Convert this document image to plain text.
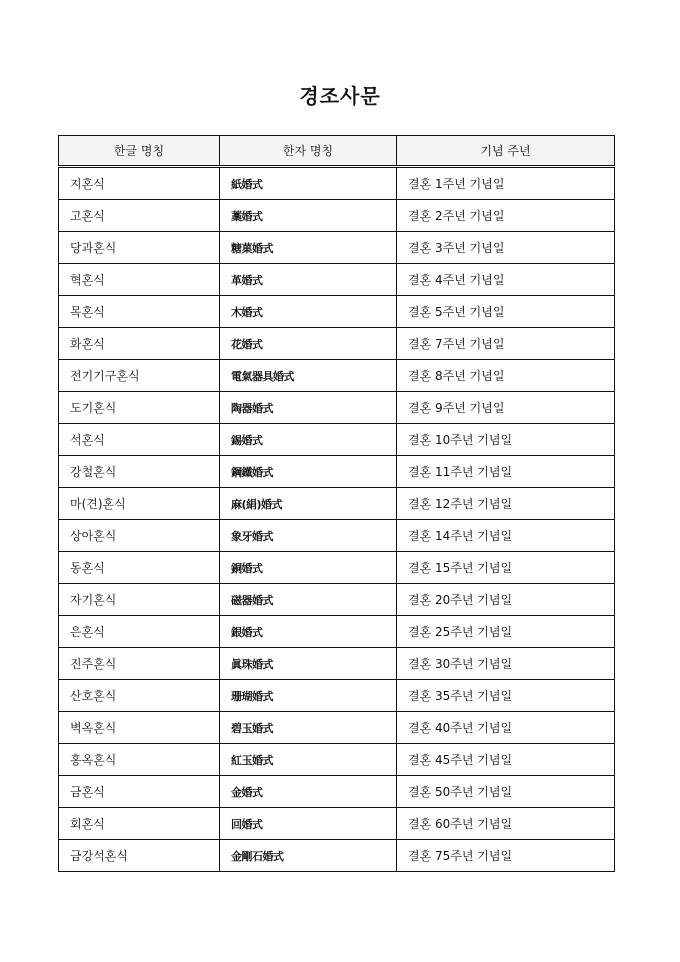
경조사문
한글 명칭	한자 명칭	기념 주년
지혼식	紙婚式	결혼 1주년 기념일
고혼식	藁婚式	결혼 2주년 기념일
당과혼식	糖菓婚式	결혼 3주년 기념일
혁혼식	革婚式	결혼 4주년 기념일
목혼식	木婚式	결혼 5주년 기념일
화혼식	花婚式	결혼 7주년 기념일
전기기구혼식	電氣器具婚式	결혼 8주년 기념일
도기혼식	陶器婚式	결혼 9주년 기념일
석혼식	錫婚式	결혼 10주년 기념일
강철혼식	鋼鐵婚式	결혼 11주년 기념일
마(견)혼식	麻(絹)婚式	결혼 12주년 기념일
상아혼식	象牙婚式	결혼 14주년 기념일
동혼식	銅婚式	결혼 15주년 기념일
자기혼식	磁器婚式	결혼 20주년 기념일
은혼식	銀婚式	결혼 25주년 기념일
진주혼식	眞珠婚式	결혼 30주년 기념일
산호혼식	珊瑚婚式	결혼 35주년 기념일
벽옥혼식	碧玉婚式	결혼 40주년 기념일
홍옥혼식	紅玉婚式	결혼 45주년 기념일
금혼식	金婚式	결혼 50주년 기념일
회혼식	回婚式	결혼 60주년 기념일
금강석혼식	金剛石婚式	결혼 75주년 기념일
